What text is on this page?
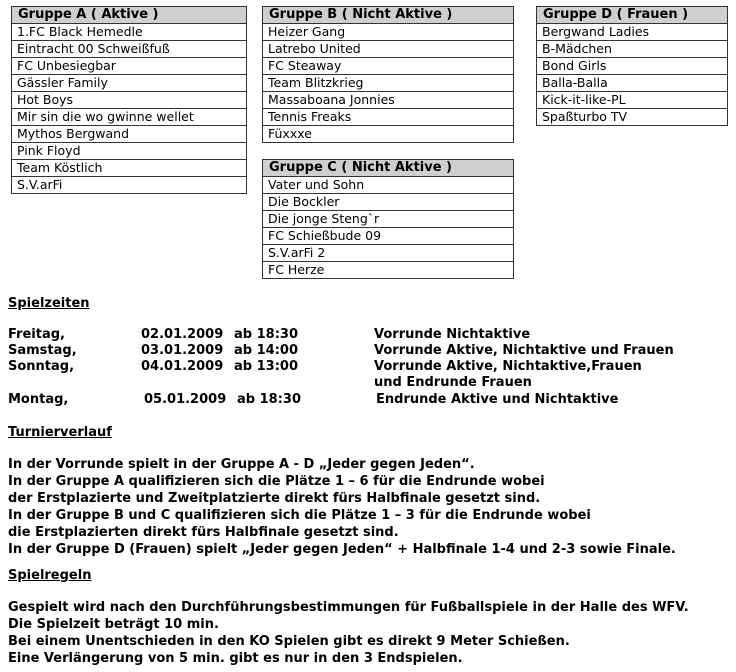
Gruppe A ( Aktive )
1.FC Black Hemedle
Eintracht 00 Schweißfuß
FC Unbesiegbar
Gässler Family
Hot Boys
Mir sin die wo gwinne wellet
Mythos Bergwand
Pink Floyd
Team Köstlich
S.V.arFi
Gruppe B ( Nicht Aktive )
Heizer Gang
Latrebo United
FC Steaway
Team Blitzkrieg
Massaboana Jonnies
Tennis Freaks
Füxxxe
Gruppe D ( Frauen )
Bergwand Ladies
B-Mädchen
Bond Girls
Balla-Balla
Kick-it-like-PL
Spaßturbo TV
Gruppe C ( Nicht Aktive )
Vater und Sohn
Die Bockler
Die jonge Steng`r
FC Schießbude 09
S.V.arFi 2
FC Herze
Spielzeiten
Freitag,	02.01.2009 ab 18:30	Vorrunde Nichtaktive
Samstag,	03.01.2009 ab 14:00	Vorrunde Aktive, Nichtaktive und Frauen
Sonntag,	04.01.2009 ab 13:00	Vorrunde Aktive, Nichtaktive,Frauen
und Endrunde Frauen
Montag,	05.01.2009 ab 18:30	Endrunde Aktive und Nichtaktive
Turnierverlauf
In der Vorrunde spielt in der Gruppe A - D „Jeder gegen Jeden“.
In der Gruppe A qualifizieren sich die Plätze 1 – 6 für die Endrunde wobei
der Erstplazierte und Zweitplatzierte direkt fürs Halbfinale gesetzt sind.
In der Gruppe B und C qualifizieren sich die Plätze 1 – 3 für die Endrunde wobei
die Erstplazierten direkt fürs Halbfinale gesetzt sind.
In der Gruppe D (Frauen) spielt „Jeder gegen Jeden“ + Halbfinale 1-4 und 2-3 sowie Finale.
Spielregeln
Gespielt wird nach den Durchführungsbestimmungen für Fußballspiele in der Halle des WFV.
Die Spielzeit beträgt 10 min.
Bei einem Unentschieden in den KO Spielen gibt es direkt 9 Meter Schießen.
Eine Verlängerung von 5 min. gibt es nur in den 3 Endspielen.
